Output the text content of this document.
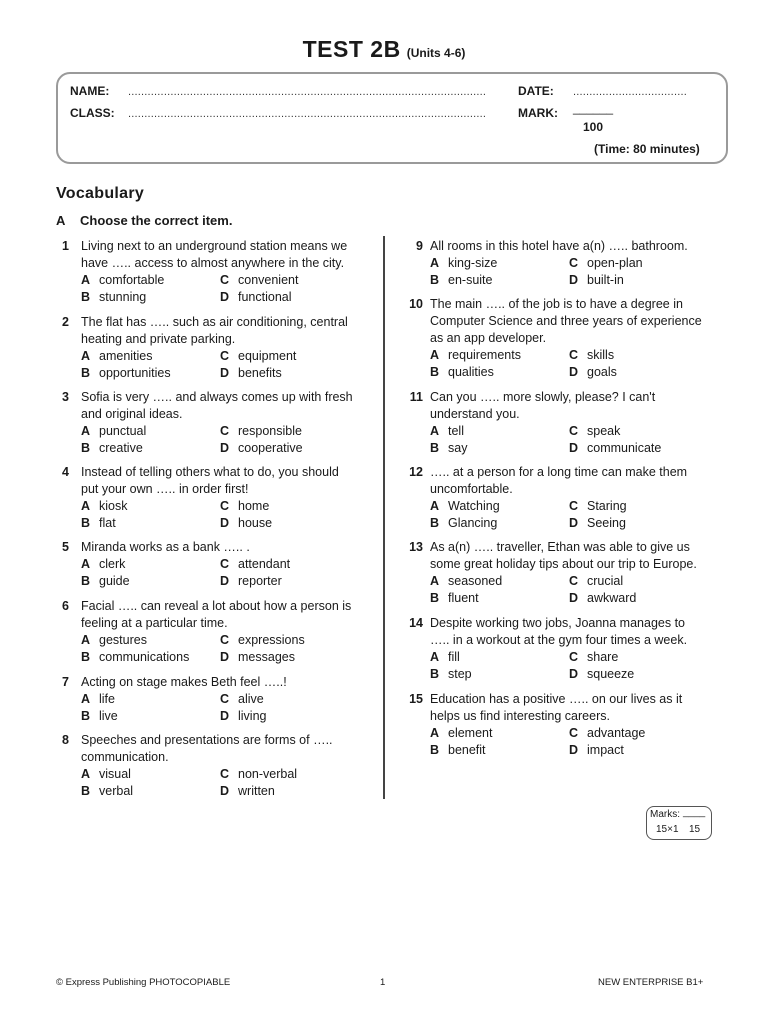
TEST 2B (Units 4-6)
NAME: ..............................................................................................................	DATE: ...................................
CLASS: ..............................................................................................................	MARK: ______
100
(Time: 80 minutes)
Vocabulary
A Choose the correct item.
1 Living next to an underground station means we
have ….. access to almost anywhere in the city.
A comfortable	C convenient
B stunning	D functional
2 The flat has ….. such as air conditioning, central
heating and private parking.
A amenities	C equipment
B opportunities	D benefits
3 Sofia is very ….. and always comes up with fresh
and original ideas.
A punctual	C responsible
B creative	D cooperative
4 Instead of telling others what to do, you should
put your own ….. in order first!
A kiosk	C home
B flat	D house
5 Miranda works as a bank ….. .
A clerk	C attendant
B guide	D reporter
6 Facial ….. can reveal a lot about how a person is
feeling at a particular time.
A gestures	C expressions
B communications D messages
7 Acting on stage makes Beth feel …..!
A life	C alive
B live	D living
8 Speeches and presentations are forms of …..
communication.
A visual	C non-verbal
B verbal	D written
9 All rooms in this hotel have a(n) ….. bathroom.
A king-size	C open-plan
B en-suite	D built-in
10 The main ….. of the job is to have a degree in
Computer Science and three years of experience
as an app developer.
A requirements	C skills
B qualities	D goals
11 Can you ….. more slowly, please? I can't
understand you.
A tell	C speak
B say	D communicate
12 ….. at a person for a long time can make them
uncomfortable.
A Watching	C Staring
B Glancing	D Seeing
13 As a(n) ….. traveller, Ethan was able to give us
some great holiday tips about our trip to Europe.
A seasoned	C crucial
B fluent	D awkward
14 Despite working two jobs, Joanna manages to
….. in a workout at the gym four times a week.
A fill	C share
B step	D squeeze
15 Education has a positive ….. on our lives as it
helps us find interesting careers.
A element	C advantage
B benefit	D impact
Marks: ____
15×1 15
© Express Publishing PHOTOCOPIABLE	1	NEW ENTERPRISE B1+
